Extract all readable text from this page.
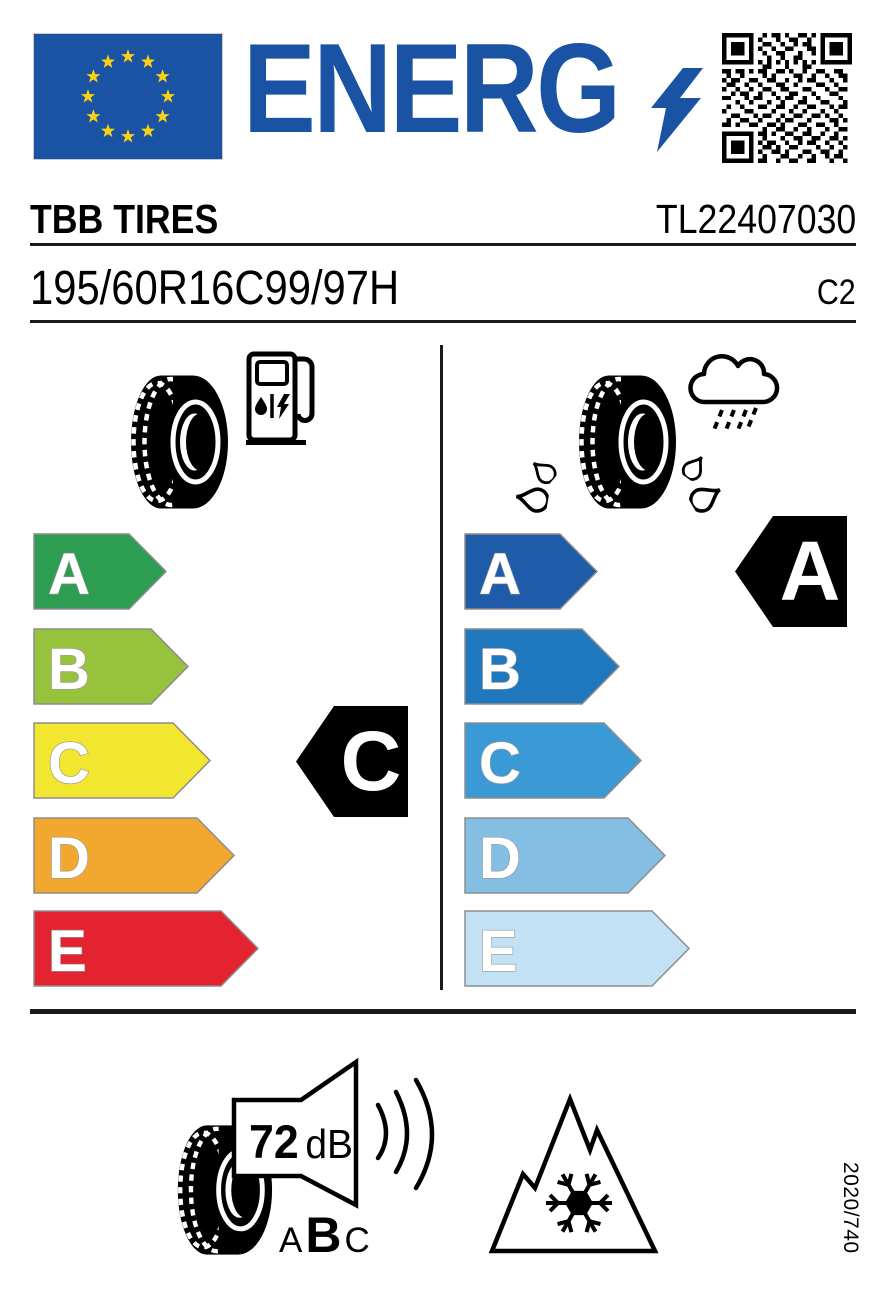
ENERG
TBB TIRES	TL22407030
195/60R16C99/97H	C2
A
B
C
D
E
C
A
B
C
D
E
A
72 dB
A B C	2020/740
